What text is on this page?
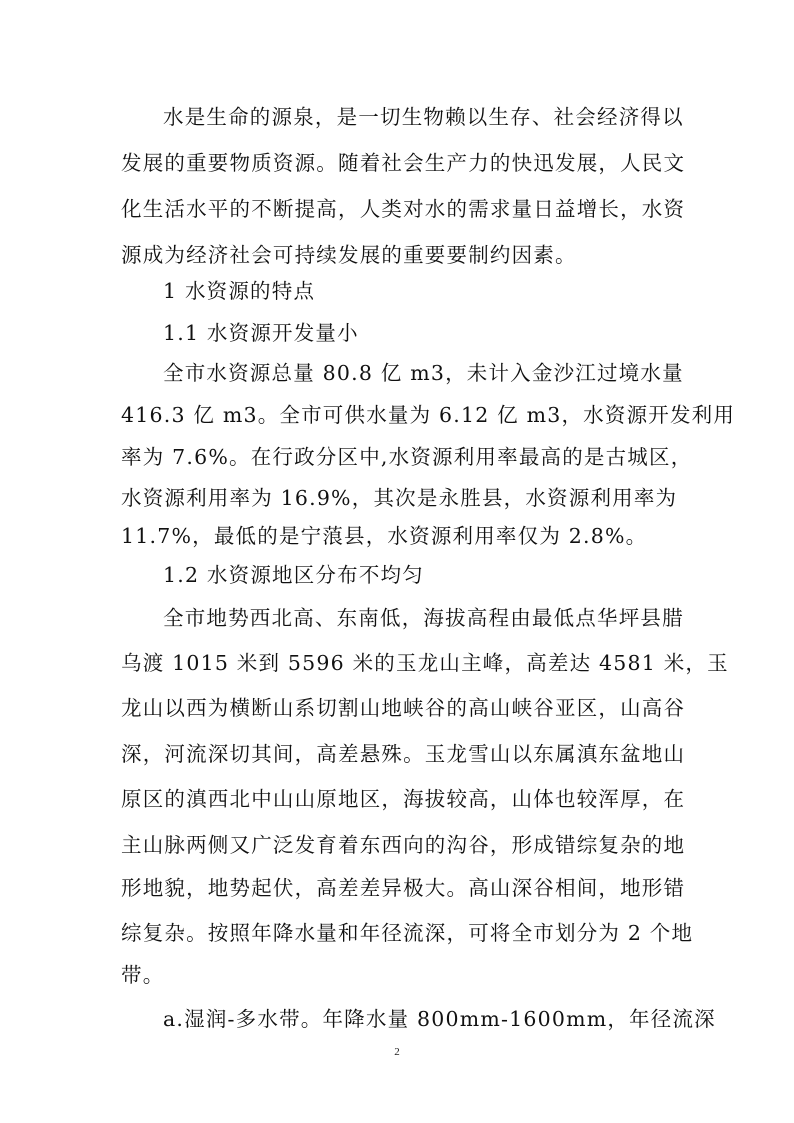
水是生命的源泉，是一切生物赖以生存、社会经济得以
发展的重要物质资源。随着社会生产力的快迅发展，人民文
化生活水平的不断提高，人类对水的需求量日益增长，水资
源成为经济社会可持续发展的重要要制约因素。
1 水资源的特点
1.1 水资源开发量小
全市水资源总量 80.8 亿 m3，未计入金沙江过境水量
416.3 亿 m3。全市可供水量为 6.12 亿 m3，水资源开发利用
率为 7.6%。在行政分区中,水资源利用率最高的是古城区，
水资源利用率为 16.9%，其次是永胜县，水资源利用率为
11.7%，最低的是宁蒗县，水资源利用率仅为 2.8%。
1.2 水资源地区分布不均匀
全市地势西北高、东南低，海拔高程由最低点华坪县腊
乌渡 1015 米到 5596 米的玉龙山主峰，高差达 4581 米，玉
龙山以西为横断山系切割山地峡谷的高山峡谷亚区，山高谷
深，河流深切其间，高差悬殊。玉龙雪山以东属滇东盆地山
原区的滇西北中山山原地区，海拔较高，山体也较浑厚，在
主山脉两侧又广泛发育着东西向的沟谷，形成错综复杂的地
形地貌，地势起伏，高差差异极大。高山深谷相间，地形错
综复杂。按照年降水量和年径流深，可将全市划分为 2 个地
带。
a.湿润-多水带。年降水量 800mm-1600mm，年径流深
2
